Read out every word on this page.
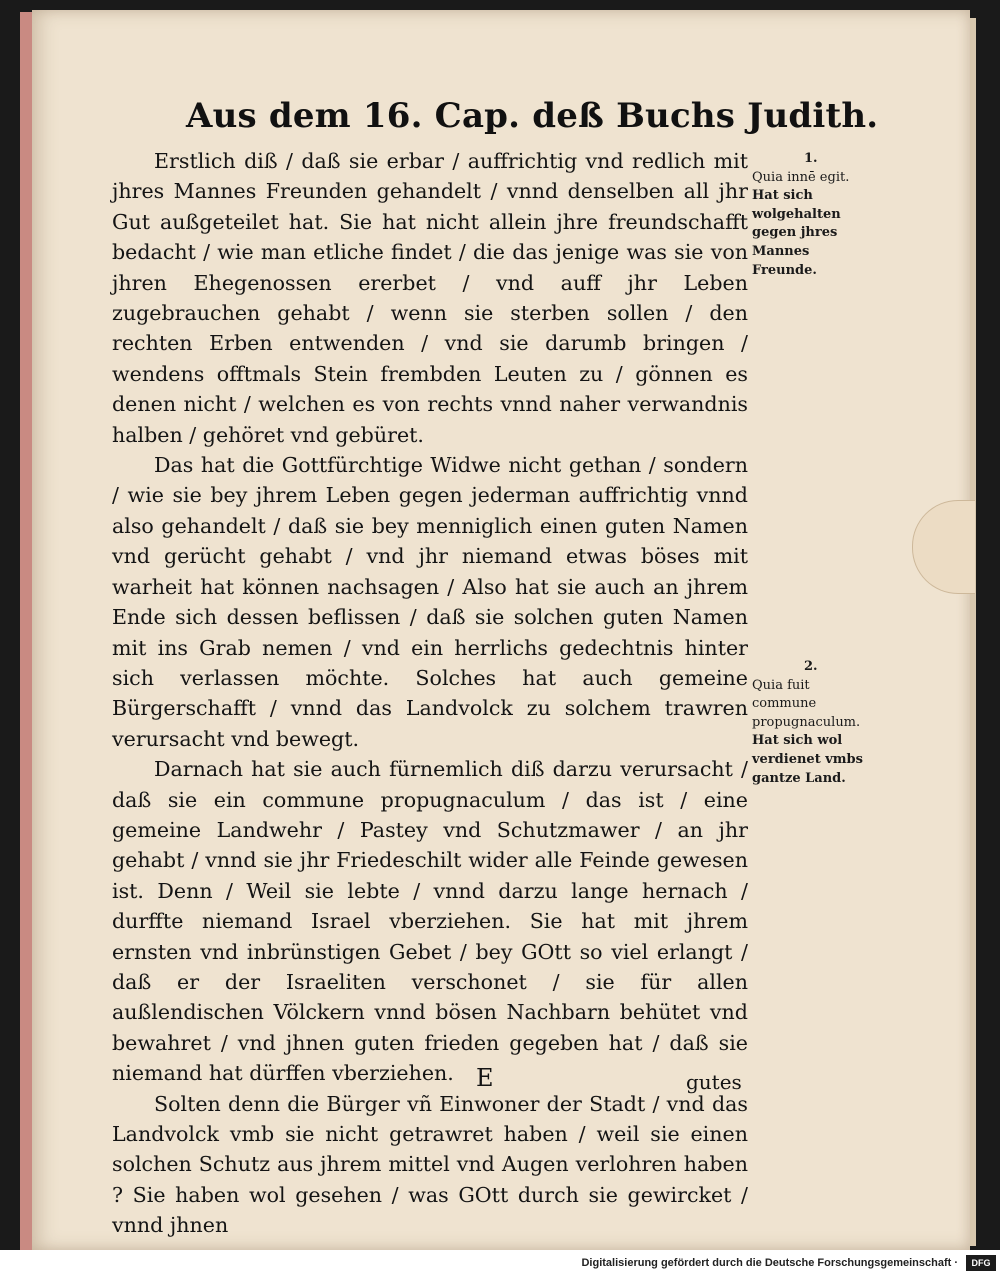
Aus dem 16. Cap. deß Buchs Judith.

Erstlich diß / daß sie erbar / auffrichtig vnd redlich mit jhres Mannes Freunden gehandelt / vnnd denselben all jhr Gut außgeteilet hat. Sie hat nicht allein jhre freundschafft bedacht / wie man etliche findet / die das jenige was sie von jhren Ehegenossen ererbet / vnd auff jhr Leben zugebrauchen gehabt / wenn sie sterben sollen / den rechten Erben entwenden / vnd sie darumb bringen / wendens offtmals Stein frembden Leuten zu / gönnen es denen nicht / welchen es von rechts vnnd naher verwandnis halben / gehöret vnd gebüret.

Das hat die Gottfürchtige Widwe nicht gethan / sondern / wie sie bey jhrem Leben gegen jederman auffrichtig vnnd also gehandelt / daß sie bey menniglich einen guten Namen vnd gerücht gehabt / vnd jhr niemand etwas böses mit warheit hat können nachsagen / Also hat sie auch an jhrem Ende sich dessen beflissen / daß sie solchen guten Namen mit ins Grab nemen / vnd ein herrlichs gedechtnis hinter sich verlassen möchte. Solches hat auch gemeine Bürgerschafft / vnnd das Landvolck zu solchem trawren verursacht vnd bewegt.

Darnach hat sie auch fürnemlich diß darzu verursacht / daß sie ein commune propugnaculum / das ist / eine gemeine Landwehr / Pastey vnd Schutzmawer / an jhr gehabt / vnnd sie jhr Friedeschilt wider alle Feinde gewesen ist. Denn / Weil sie lebte / vnnd darzu lange hernach / durffte niemand Israel vberziehen. Sie hat mit jhrem ernsten vnd inbrünstigen Gebet / bey GOtt so viel erlangt / daß er der Israeliten verschonet / sie für allen außlendischen Völckern vnnd bösen Nachbarn behütet vnd bewahret / vnd jhnen guten frieden gegeben hat / daß sie niemand hat dürffen vberziehen.

Solten denn die Bürger vñ Einwoner der Stadt / vnd das Landvolck vmb sie nicht getrawret haben / weil sie einen solchen Schutz aus jhrem mittel vnd Augen verlohren haben ? Sie haben wol gesehen / was GOtt durch sie gewircket / vnnd jhnen

1.
Quia innē egit.
Hat sich wolgehalten gegen jhres Mannes Freunde.
2.
Quia fuit commune propugnaculum.
Hat sich wol verdienet vmbs gantze Land.
E	gutes
Digitalisierung gefördert durch die Deutsche Forschungsgemeinschaft ·	DFG
